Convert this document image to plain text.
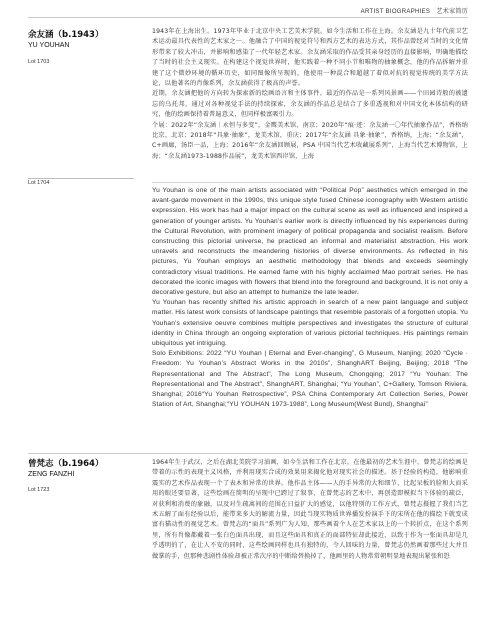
ARTIST BIOGRAPHIES　艺术家简历
余友涵（b.1943）
YU YOUHAN
Lot 1703
Lot 1704

1943年在上海出生。1973年毕业于北京中央工艺美术学院。如今生活和工作在上海。余友涵是九十年代前卫艺术运动最具代表性的艺术家之一。他融合了中国的视觉符号和西方艺术的表达方式，其作品曾经对当时的文化情形带来了较大冲击，并影响和感染了一代年轻艺术家。余友涵采取的作品受其亲身经历的直接影响，明确地描绘了当时的社会主义现实。在构建这个视觉世界时，他实践着一种不同小节和唯物的抽象概念，他的作品拆解并重建了这个微妙环境的循环历史，如同图像所呈现的，他使用一种混合和超越了着似对抗的视觉传统的美学方法论，以他著名的肖像系列，余友涵获得了极高的声誉。

近期，余友涵把他的方向转为探索新的绘画语言和主体事件。最近的作品是一系列风景画——个田园诗般的被遗忘的乌托邦，通过对各种视觉手法的持续探索，余友涵的作品总是结合了多重透视和对中国文化本体结构的研究，他的绘画保持着普遍意义，但同样极富吸引力。

个展：2022年“余友涵｜永恒与多变”，金鹰美术馆，南京；2020年“痕·迹：余友涵一〇年代抽象作品”，香格纳比京，北京；2018年“具象·抽象”，龙美术馆，重庆；2017年“余友涵 具象·抽象”，香格纳，上海；“余友涵”，C+画廊，汤臣一品，上海；2016年“余友涵回顾展，PSA 中国当代艺术收藏展系列”，上海当代艺术博物馆，上海；“余友涵1973-1988作品展”，龙美术馆西岸馆，上海

Yu Youhan is one of the main artists associated with “Political Pop” aesthetics which emerged in the avant-garde movement in the 1990s, this unique style fused Chinese iconography with Western artistic expression. His work has had a major impact on the cultural scene as well as influenced and inspired a generation of younger artists. Yu Youhan’s earlier work is directly influenced by his experiences during the Cultural Revolution, with prominent imagery of political propaganda and socialist realism. Before constructing this pictorial universe, he practiced an informal and materialist abstraction. His work unravels and reconstructs the meandering histories of diverse environments. As reflected in his pictures, Yu Youhan employs an aesthetic methodology that blends and exceeds seemingly contradictory visual traditions. He earned fame with his highly acclaimed Mao portrait series. He has decorated the iconic images with flowers that blend into the foreground and background. It is not only a decorative gesture, but also an attempt to humanize the late leader.

Yu Youhan has recently shifted his artistic approach in search of a new paint language and subject matter. His latest work consists of landscape paintings that resemble pastorals of a forgotten utopia. Yu Youhan’s extensive oeuvre combines multiple perspectives and investigates the structure of cultural identity in China through an ongoing exploration of various pictorial techniques. His paintings remain ubiquitous yet intriguing.

Solo Exhibitions: 2022 “YU Youhan | Eternal and Ever-changing”, G Museum, Nanjing; 2020 “Cycle · Freedom: Yu Youhan’s Abstract Works in the 2010s”, ShanghART Beijing, Beijing; 2018 “The Representational and The Abstract”, The Long Museum, Chongqing; 2017 “Yu Youhan: The Representational and The Abstract”, ShanghART, Shanghai; “Yu Youhan”, C+Gallery, Tomson Riviera, Shanghai; 2016“Yu Youhan Retrospective”, PSA China Contemporary Art Collection Series, Power Station of Art, Shanghai;“YU YOUHAN 1973-1988”, Long Museum(West Bund), Shanghai”

曾梵志（b.1964）
ZENG FANZHI
Lot 1723

1964年生于武汉，之后在湖北美院学习油画，如今生活和工作在北京。在他最初的艺术生涯中，曾梵志的绘画是带着的示性的表现主义风格，并利用现实合成的效果用来揭化他对现实社会的描述。基于经验的构造，他影响重震实的艺术作品表现一个了表木和异常的世界。他作品主体——人的手异常的大和细节，比起呆板的脸和大而采用的眼还要显著，这些绘画在简明的呈现中已跨过了叙事，在曾梵志的艺术中，再创造即模拟当下体验的疏泛，对获利和消费的象融，以及对生疏离间的范围在日益扩大的感觉，以他特别的工作方式，曾梵志摄握了我们当艺术五解了面有经验以后，能带来多大的解流力量，因此当现实物质世界播发扮演手下的宋所在他的描绘下就变成富有猫动性的视觉艺术。曾梵志的“面具”系列广为人知，那些画着个人在艺术家以上的一个转折点，在这个系列里，所有肖像都戴着一张白色面具出现，而且这些面具和真正的面部特征却此接近，以致于作为一张面具却是几乎透明的了，在让人不安的同时，这些绘画同样也具有独特的，令人回味的力量，曾梵志仍然画着那些过大并且做掌的手，但那种悲剧性体验却被正常次序的中断给替换掉了，他画里的人物常常朝明显地表现出紧张和恐
